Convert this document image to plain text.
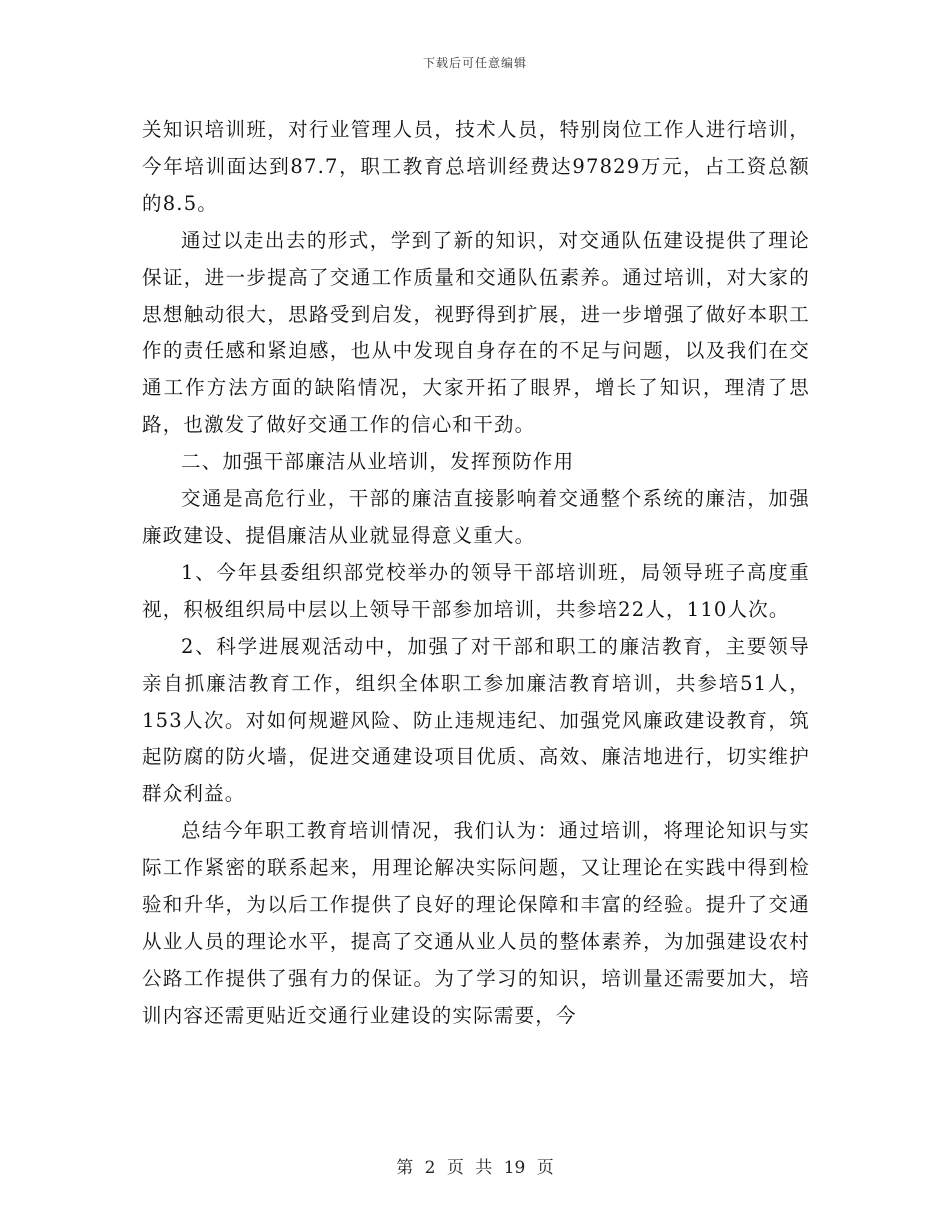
下载后可任意编辑

关知识培训班，对行业管理人员，技术人员，特别岗位工作人进行培训，今年培训面达到87.7，职工教育总培训经费达97829万元，占工资总额的8.5。

通过以走出去的形式，学到了新的知识，对交通队伍建设提供了理论保证，进一步提高了交通工作质量和交通队伍素养。通过培训，对大家的思想触动很大，思路受到启发，视野得到扩展，进一步增强了做好本职工作的责任感和紧迫感，也从中发现自身存在的不足与问题，以及我们在交通工作方法方面的缺陷情况，大家开拓了眼界，增长了知识，理清了思路，也激发了做好交通工作的信心和干劲。

二、加强干部廉洁从业培训，发挥预防作用

交通是高危行业，干部的廉洁直接影响着交通整个系统的廉洁，加强廉政建设、提倡廉洁从业就显得意义重大。

1、今年县委组织部党校举办的领导干部培训班，局领导班子高度重视，积极组织局中层以上领导干部参加培训，共参培22人，110人次。

2、科学进展观活动中，加强了对干部和职工的廉洁教育，主要领导亲自抓廉洁教育工作，组织全体职工参加廉洁教育培训，共参培51人，153人次。对如何规避风险、防止违规违纪、加强党风廉政建设教育，筑起防腐的防火墙，促进交通建设项目优质、高效、廉洁地进行，切实维护群众利益。

总结今年职工教育培训情况，我们认为：通过培训，将理论知识与实际工作紧密的联系起来，用理论解决实际问题，又让理论在实践中得到检验和升华，为以后工作提供了良好的理论保障和丰富的经验。提升了交通从业人员的理论水平，提高了交通从业人员的整体素养，为加强建设农村公路工作提供了强有力的保证。为了学习的知识，培训量还需要加大，培训内容还需更贴近交通行业建设的实际需要，今

第 2 页 共 19 页
